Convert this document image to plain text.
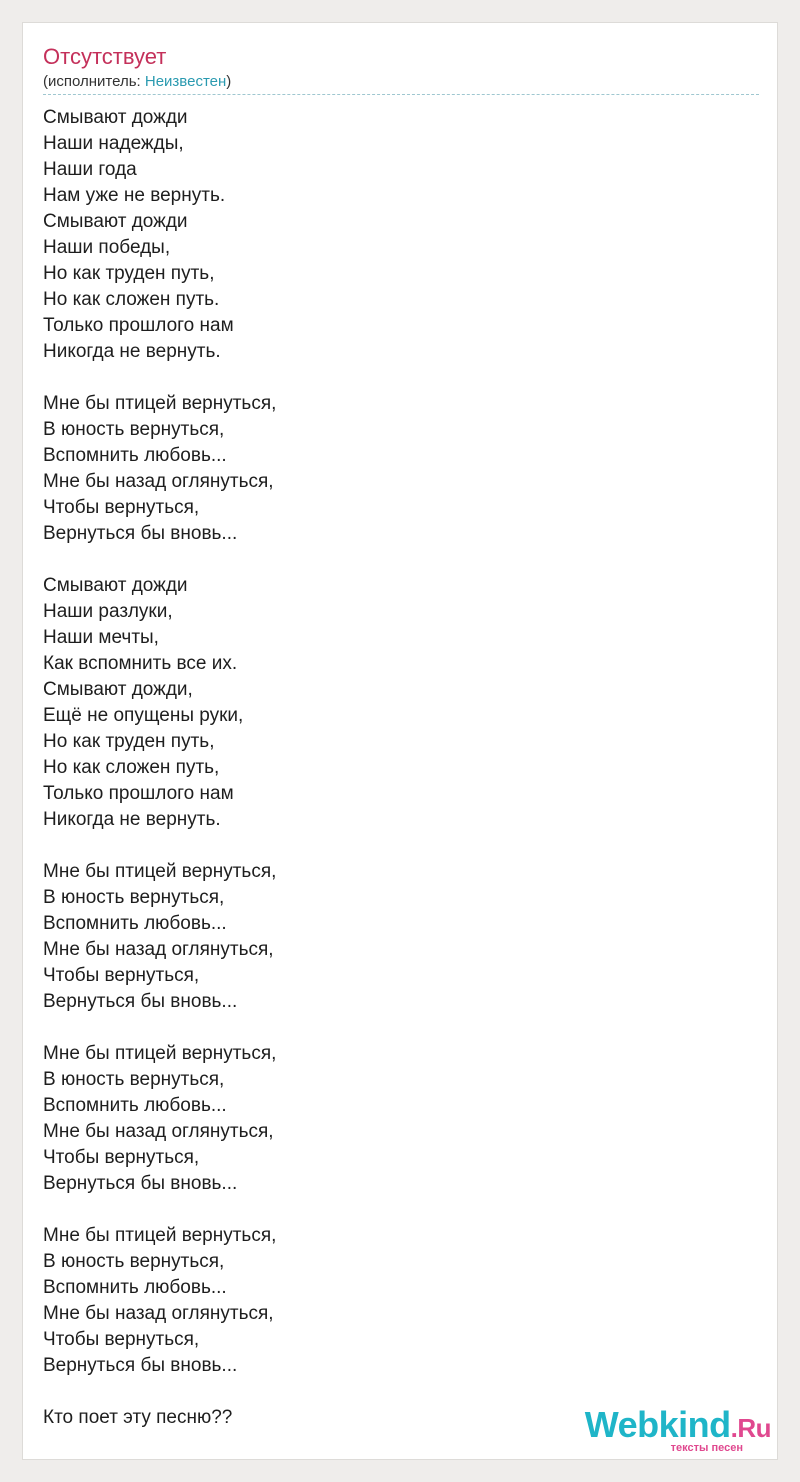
Отсутствует
(исполнитель: Неизвестен)
Смывают дожди
Наши надежды,
Наши года
Нам уже не вернуть.
Смывают дожди
Наши победы,
Но как труден путь,
Но как сложен путь.
Только прошлого нам
Никогда не вернуть.
Мне бы птицей вернуться,
В юность вернуться,
Вспомнить любовь...
Мне бы назад оглянуться,
Чтобы вернуться,
Вернуться бы вновь...
Смывают дожди
Наши разлуки,
Наши мечты,
Как вспомнить все их.
Смывают дожди,
Ещё не опущены руки,
Но как труден путь,
Но как сложен путь,
Только прошлого нам
Никогда не вернуть.
Мне бы птицей вернуться,
В юность вернуться,
Вспомнить любовь...
Мне бы назад оглянуться,
Чтобы вернуться,
Вернуться бы вновь...
Мне бы птицей вернуться,
В юность вернуться,
Вспомнить любовь...
Мне бы назад оглянуться,
Чтобы вернуться,
Вернуться бы вновь...
Мне бы птицей вернуться,
В юность вернуться,
Вспомнить любовь...
Мне бы назад оглянуться,
Чтобы вернуться,
Вернуться бы вновь...
Кто поет эту песню??	Webkind.Ru
тексты песен
